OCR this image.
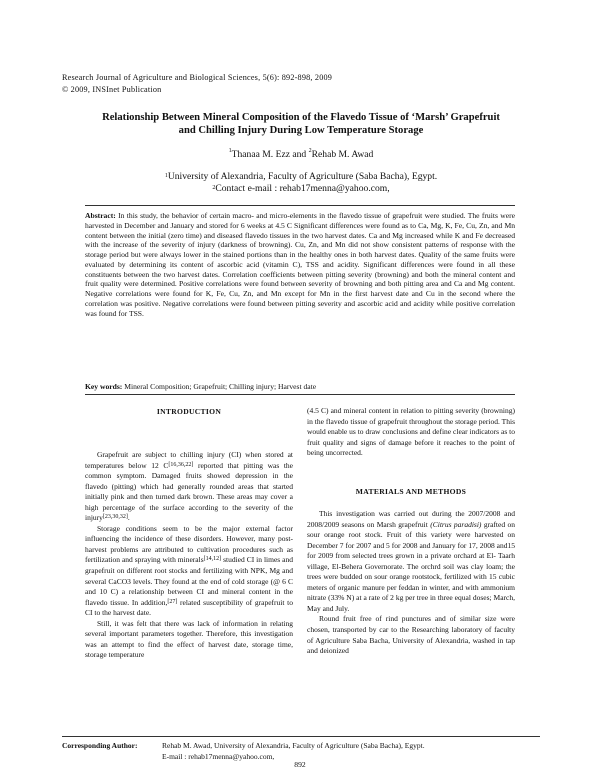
Research Journal of Agriculture and Biological Sciences, 5(6): 892-898, 2009
© 2009, INSInet Publication
Relationship Between Mineral Composition of the Flavedo Tissue of ‘Marsh’ Grapefruit
and Chilling Injury During Low Temperature Storage
$^1$Thanaa M. Ezz and $^2$Rehab M. Awad
$^1$University of Alexandria, Faculty of Agriculture (Saba Bacha), Egypt.
$^2$Contact e-mail : rehab17menna@yahoo.com,
Abstract: In this study, the behavior of certain macro- and micro-elements in the flavedo tissue of grapefruit were studied. The fruits were harvested in December and January and stored for 6 weeks at 4.5 C Significant differences were found as to Ca, Mg, K, Fe, Cu, Zn, and Mn content between the initial (zero time) and diseased flavedo tissues in the two harvest dates. Ca and Mg increased while K and Fe decreased with the increase of the severity of injury (darkness of browning). Cu, Zn, and Mn did not show consistent patterns of response with the storage period but were always lower in the stained portions than in the healthy ones in both harvest dates. Quality of the same fruits were evaluated by determining its content of ascorbic acid (vitamin C), TSS and acidity. Significant differences were found in all these constituents between the two harvest dates. Correlation coefficients between pitting severity (browning) and both the mineral content and fruit quality were determined. Positive correlations were found between severity of browning and both pitting area and Ca and Mg content. Negative correlations were found for K, Fe, Cu, Zn, and Mn except for Mn in the first harvest date and Cu in the second where the correlation was positive. Negative correlations were found between pitting severity and ascorbic acid and acidity while positive correlation was found for TSS.
Key words: Mineral Composition; Grapefruit; Chilling injury; Harvest date
INTRODUCTION

Grapefruit are subject to chilling injury (CI) when stored at temperatures below 12 C[16,36,22] reported that pitting was the common symptom. Damaged fruits showed depression in the flavedo (pitting) which had generally rounded areas that started initially pink and then turned dark brown. These areas may cover a high percentage of the surface according to the severity of the injury[23,30,32].

Storage conditions seem to be the major external factor influencing the incidence of these disorders. However, many post-harvest problems are attributed to cultivation procedures such as fertilization and spraying with minerals[14,12] studied CI in limes and grapefruit on different root stocks and fertilizing with NPK, Mg and several CaCO3 levels. They found at the end of cold storage (@ 6 C and 10 C) a relationship between CI and mineral content in the flavedo tissue. In addition,[27] related susceptibility of grapefruit to CI to the harvest date.

Still, it was felt that there was lack of information in relating several important parameters together. Therefore, this investigation was an attempt to find the effect of harvest date, storage time, storage temperature

(4.5 C) and mineral content in relation to pitting severity (browning) in the flavedo tissue of grapefruit throughout the storage period. This would enable us to draw conclusions and define clear indicators as to fruit quality and signs of damage before it reaches to the point of being uncorrected.

MATERIALS AND METHODS

This investigation was carried out during the 2007/2008 and 2008/2009 seasons on Marsh grapefruit (Citrus paradisi) grafted on sour orange root stock. Fruit of this variety were harvested on December 7 for 2007 and 5 for 2008 and January for 17, 2008 and15 for 2009 from selected trees grown in a private orchard at El- Taarh village, El-Behera Governorate. The orchrd soil was clay loam; the trees were budded on sour orange rootstock, fertilized with 15 cubic meters of organic manure per feddan in winter, and with ammonium nitrate (33% N) at a rate of 2 kg per tree in three equal doses; March, May and July.

Round fruit free of rind punctures and of similar size were chosen, transported by car to the Researching laboratory of faculty of Agriculture Saba Bacha, University of Alexandria, washed in tap and deionized

Corresponding Author:	Rehab M. Awad, University of Alexandria, Faculty of Agriculture (Saba Bacha), Egypt.
E-mail : rehab17menna@yahoo.com,
892
